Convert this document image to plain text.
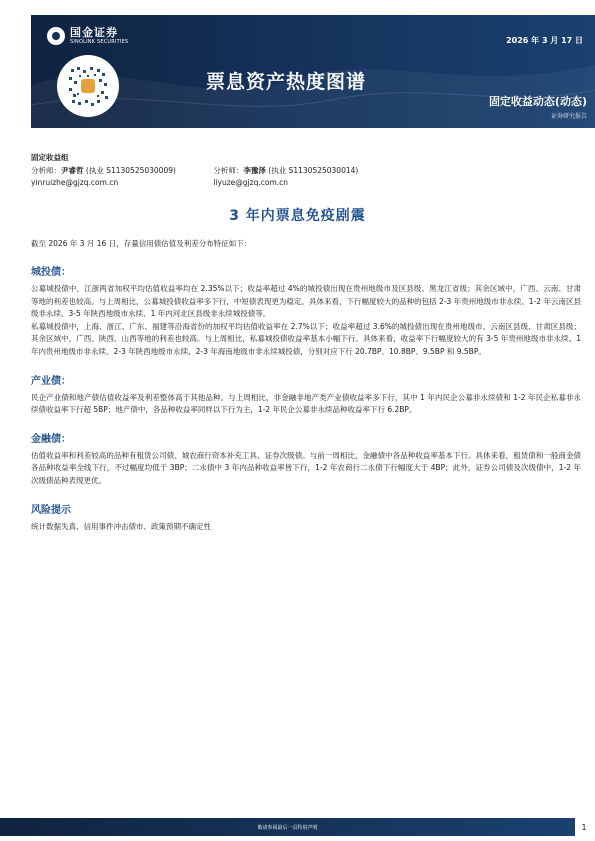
国金证券
SINOLINK SECURITIES	2026 年 3 月 17 日
票息资产热度图谱
固定收益动态(动态)
证券研究报告
固定收益组
分析师：尹睿哲 (执业 S1130525030009)
yinruizhe@gjzq.com.cn

分析师：李豫泽 (执业 S1130525030014)
liyuze@gjzq.com.cn
3 年内票息免疫剧震
截至 2026 年 3 月 16 日，存量信用债估值及利差分布特征如下：
城投债：
公募城投债中，江浙两省加权平均估值收益率均在 2.35%以下；收益率超过 4%的城投债出现在贵州地级市及区县级、黑龙江省级；其余区域中，广西、云南、甘肃等地的利差也较高。与上周相比，公募城投债收益率多下行，中短债表现更为稳定。具体来看，下行幅度较大的品种的包括 2-3 年贵州地级市非永续、1-2 年云南区县级非永续、3-5 年陕西地级市永续、1 年内河北区县级非永续城投债等。
私募城投债中，上海、浙江、广东、福建等沿海省份的加权平均估值收益率在 2.7%以下；收益率超过 3.6%的城投债出现在贵州地级市、云南区县级、甘肃区县级；其余区域中，广西、陕西、山西等地的利差也较高。与上周相比，私募城投债收益率基本小幅下行。具体来看，收益率下行幅度较大的有 3-5 年贵州地级市非永续、1 年内贵州地级市非永续、2-3 年陕西地级市永续、2-3 年海南地级市非永续城投债，分别对应下行 20.7BP、10.8BP、9.5BP 和 9.5BP。
产业债：
民企产业债和地产债估值收益率及利差整体高于其他品种。与上周相比，非金融非地产类产业债收益率多下行，其中 1 年内民企公募非永续债和 1-2 年民企私募非永续债收益率下行超 5BP；地产债中，各品种收益率同样以下行为主，1-2 年民企公募非永续品种收益率下行 6.2BP。
金融债：
估值收益率和利差较高的品种有租赁公司债、城农商行资本补充工具、证券次级债。与前一周相比，金融债中各品种收益率基本下行。具体来看，租赁债和一般商金债各品种收益率全线下行，不过幅度均低于 3BP；二永债中 3 年内品种收益率皆下行，1-2 年农商行二永债下行幅度大于 4BP；此外，证券公司债及次级债中，1-2 年次级债品种表现更优。
风险提示
统计数据失真、信用事件冲击债市、政策预期不确定性
敬请参阅最后一页特别声明	1
